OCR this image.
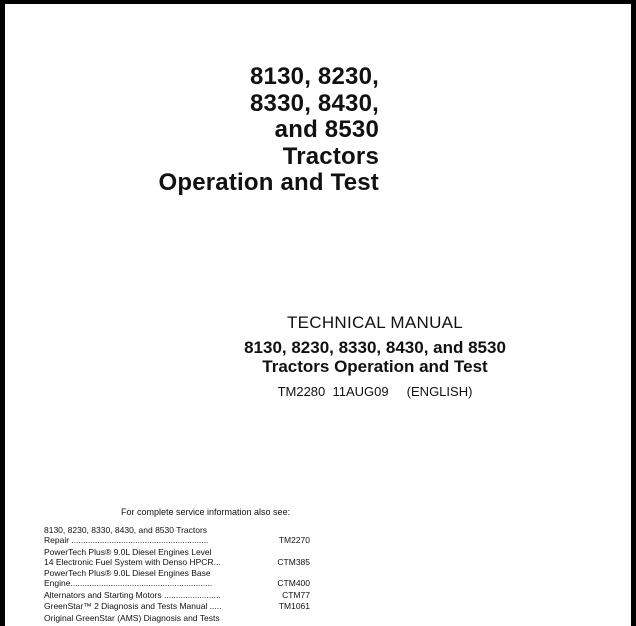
8130, 8230,
8330, 8430,
and 8530
Tractors
Operation and Test
TECHNICAL MANUAL
8130, 8230, 8330, 8430, and 8530
Tractors Operation and Test
TM2280  11AUG09     (ENGLISH)
For complete service information also see:
8130, 8230, 8330, 8430, and 8530 Tractors
Repair ..........................................................	TM2270
PowerTech Plus® 9.0L Diesel Engines Level
14 Electronic Fuel System with Denso HPCR...	CTM385
PowerTech Plus® 9.0L Diesel Engines Base
Engine............................................................	CTM400
Alternators and Starting Motors ........................	CTM77
GreenStar™ 2 Diagnosis and Tests Manual .....	TM1061
Original GreenStar (AMS) Diagnosis and Tests
